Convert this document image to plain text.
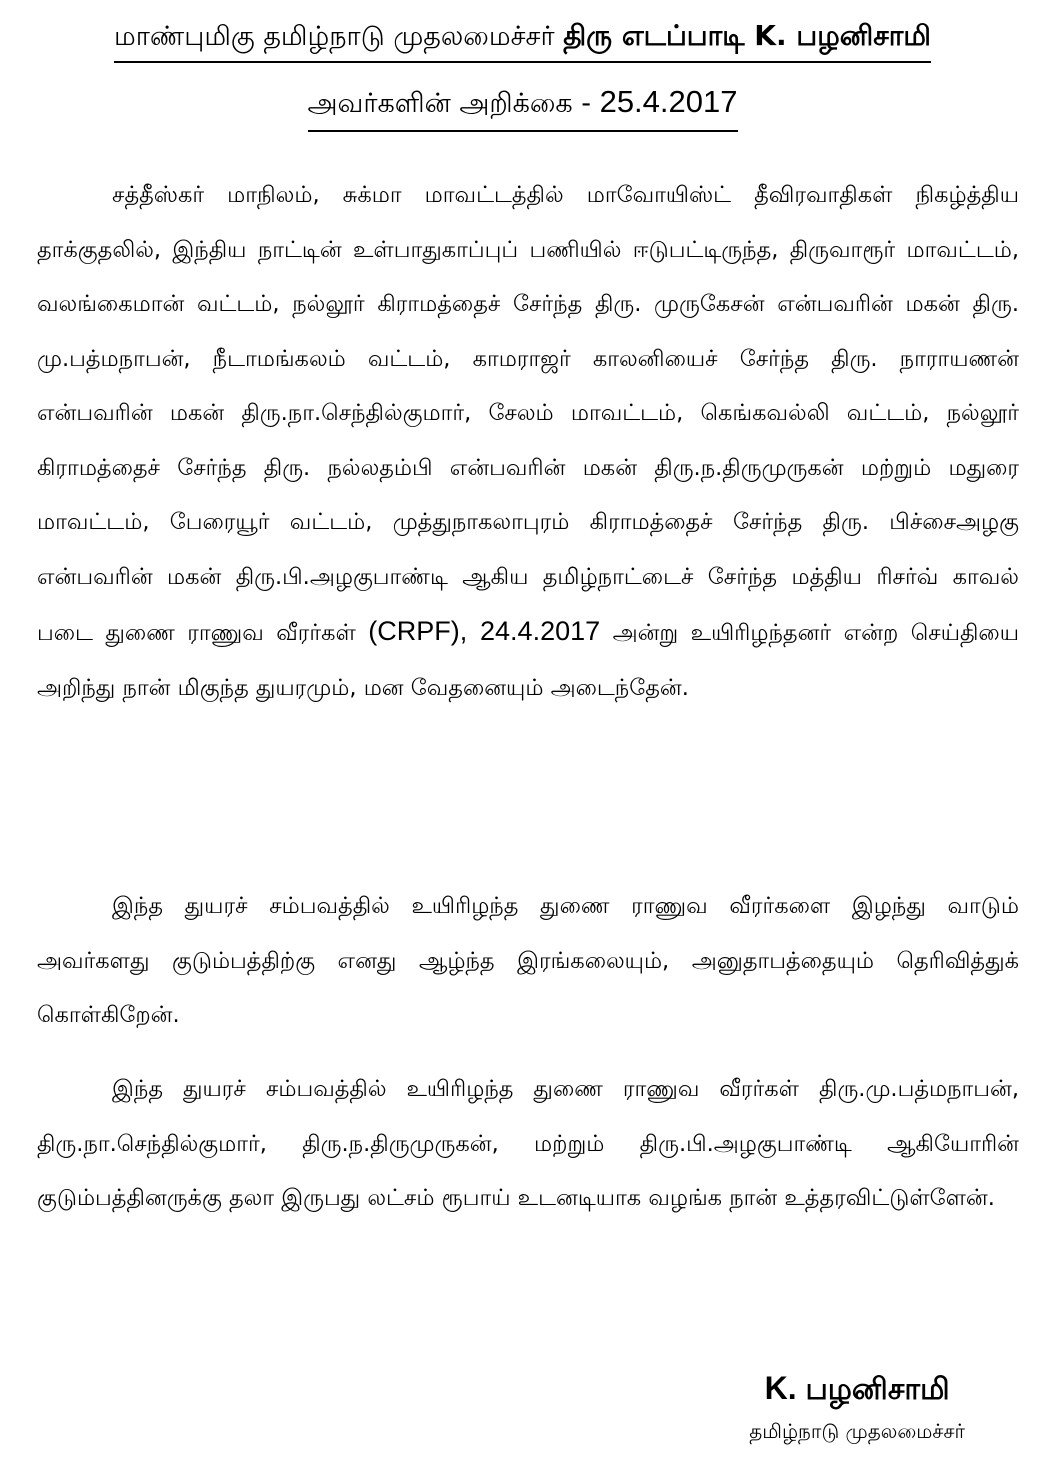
மாண்புமிகு தமிழ்நாடு முதலமைச்சர் திரு எடப்பாடி K. பழனிசாமி
அவர்களின் அறிக்கை - 25.4.2017

சத்தீஸ்கர் மாநிலம், சுக்மா மாவட்டத்தில் மாவோயிஸ்ட் தீவிரவாதிகள் நிகழ்த்திய தாக்குதலில், இந்திய நாட்டின் உள்பாதுகாப்புப் பணியில் ஈடுபட்டிருந்த, திருவாரூர் மாவட்டம், வலங்கைமான் வட்டம், நல்லூர் கிராமத்தைச் சேர்ந்த திரு. முருகேசன் என்பவரின் மகன் திரு. மு.பத்மநாபன், நீடாமங்கலம் வட்டம், காமராஜர் காலனியைச் சேர்ந்த திரு. நாராயணன் என்பவரின் மகன் திரு.நா.செந்தில்குமார், சேலம் மாவட்டம், கெங்கவல்லி வட்டம், நல்லூர் கிராமத்தைச் சேர்ந்த திரு. நல்லதம்பி என்பவரின் மகன் திரு.ந.திருமுருகன் மற்றும் மதுரை மாவட்டம், பேரையூர் வட்டம், முத்துநாகலாபுரம் கிராமத்தைச் சேர்ந்த திரு. பிச்சைஅழகு என்பவரின் மகன் திரு.பி.அழகுபாண்டி ஆகிய தமிழ்நாட்டைச் சேர்ந்த மத்திய ரிசர்வ் காவல் படை துணை ராணுவ வீரர்கள் (CRPF), 24.4.2017 அன்று உயிரிழந்தனர் என்ற செய்தியை அறிந்து நான் மிகுந்த துயரமும், மன வேதனையும் அடைந்தேன்.

இந்த துயரச் சம்பவத்தில் உயிரிழந்த துணை ராணுவ வீரர்களை இழந்து வாடும் அவர்களது குடும்பத்திற்கு எனது ஆழ்ந்த இரங்கலையும், அனுதாபத்தையும் தெரிவித்துக் கொள்கிறேன்.

இந்த துயரச் சம்பவத்தில் உயிரிழந்த துணை ராணுவ வீரர்கள் திரு.மு.பத்மநாபன், திரு.நா.செந்தில்குமார், திரு.ந.திருமுருகன், மற்றும் திரு.பி.அழகுபாண்டி ஆகியோரின் குடும்பத்தினருக்கு தலா இருபது லட்சம் ரூபாய் உடனடியாக வழங்க நான் உத்தரவிட்டுள்ளேன்.

K. பழனிசாமி
தமிழ்நாடு முதலமைச்சர்
